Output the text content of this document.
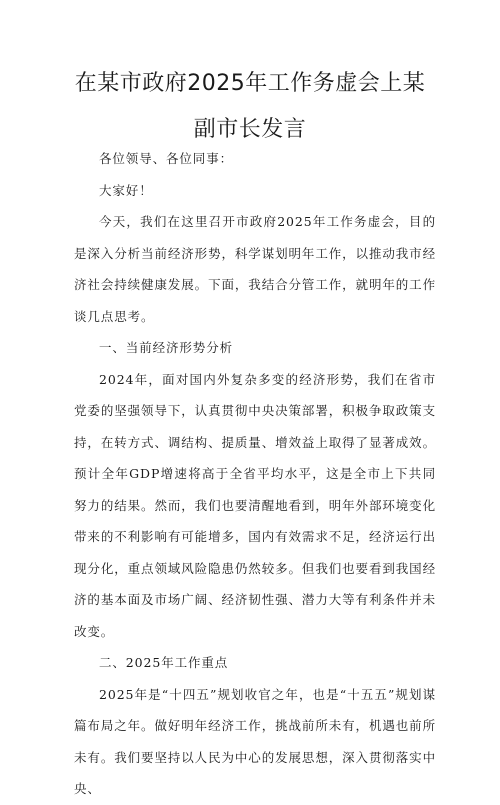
在某市政府2025年工作务虚会上某
副市长发言

各位领导、各位同事：

大家好！

今天，我们在这里召开市政府2025年工作务虚会，目的是深入分析当前经济形势，科学谋划明年工作，以推动我市经济社会持续健康发展。下面，我结合分管工作，就明年的工作谈几点思考。

一、当前经济形势分析

2024年，面对国内外复杂多变的经济形势，我们在省市党委的坚强领导下，认真贯彻中央决策部署，积极争取政策支持，在转方式、调结构、提质量、增效益上取得了显著成效。预计全年GDP增速将高于全省平均水平，这是全市上下共同努力的结果。然而，我们也要清醒地看到，明年外部环境变化带来的不利影响有可能增多，国内有效需求不足，经济运行出现分化，重点领域风险隐患仍然较多。但我们也要看到我国经济的基本面及市场广阔、经济韧性强、潜力大等有利条件并未改变。

二、2025年工作重点

2025年是“十四五”规划收官之年，也是“十五五”规划谋篇布局之年。做好明年经济工作，挑战前所未有，机遇也前所未有。我们要坚持以人民为中心的发展思想，深入贯彻落实中央、
